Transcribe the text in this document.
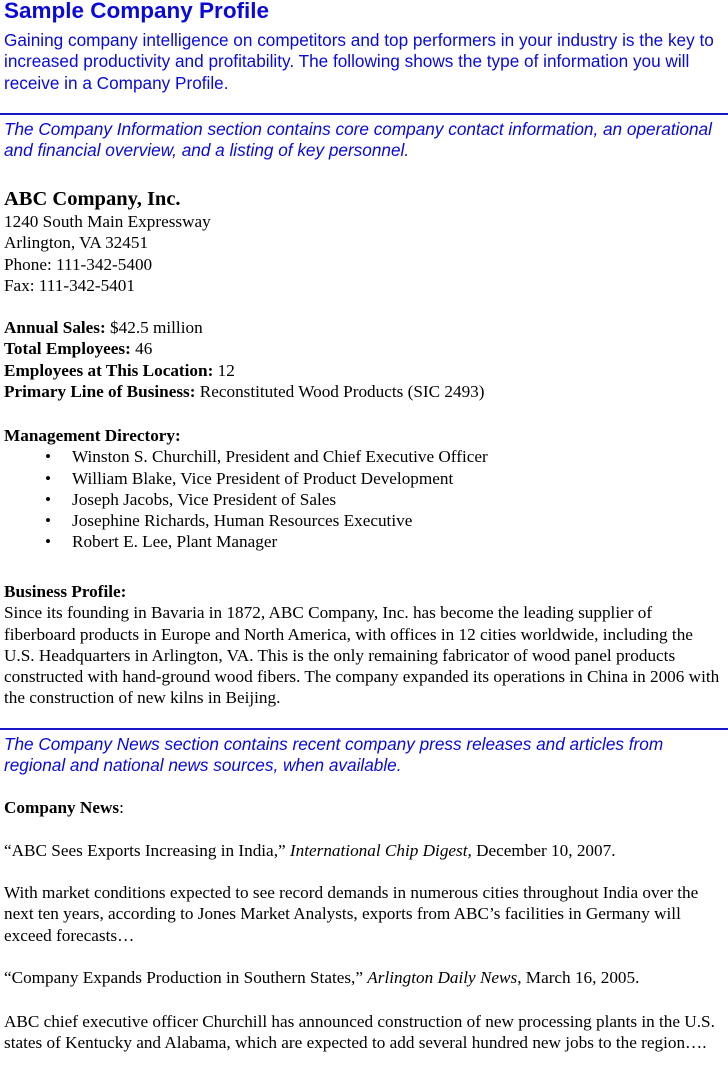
Sample Company Profile
Gaining company intelligence on competitors and top performers in your industry is the key to increased productivity and profitability. The following shows the type of information you will receive in a Company Profile.
The Company Information section contains core company contact information, an operational and financial overview, and a listing of key personnel.
ABC Company, Inc.
1240 South Main Expressway
Arlington, VA 32451
Phone: 111-342-5400
Fax: 111-342-5401
Annual Sales: $42.5 million
Total Employees: 46
Employees at This Location: 12
Primary Line of Business: Reconstituted Wood Products (SIC 2493)
Management Directory:
• Winston S. Churchill, President and Chief Executive Officer
• William Blake, Vice President of Product Development
• Joseph Jacobs, Vice President of Sales
• Josephine Richards, Human Resources Executive
• Robert E. Lee, Plant Manager
Business Profile:
Since its founding in Bavaria in 1872, ABC Company, Inc. has become the leading supplier of fiberboard products in Europe and North America, with offices in 12 cities worldwide, including the U.S. Headquarters in Arlington, VA. This is the only remaining fabricator of wood panel products constructed with hand-ground wood fibers. The company expanded its operations in China in 2006 with the construction of new kilns in Beijing.
The Company News section contains recent company press releases and articles from regional and national news sources, when available.
Company News:
“ABC Sees Exports Increasing in India,” International Chip Digest, December 10, 2007.
With market conditions expected to see record demands in numerous cities throughout India over the next ten years, according to Jones Market Analysts, exports from ABC’s facilities in Germany will exceed forecasts…
“Company Expands Production in Southern States,” Arlington Daily News, March 16, 2005.
ABC chief executive officer Churchill has announced construction of new processing plants in the U.S. states of Kentucky and Alabama, which are expected to add several hundred new jobs to the region….
